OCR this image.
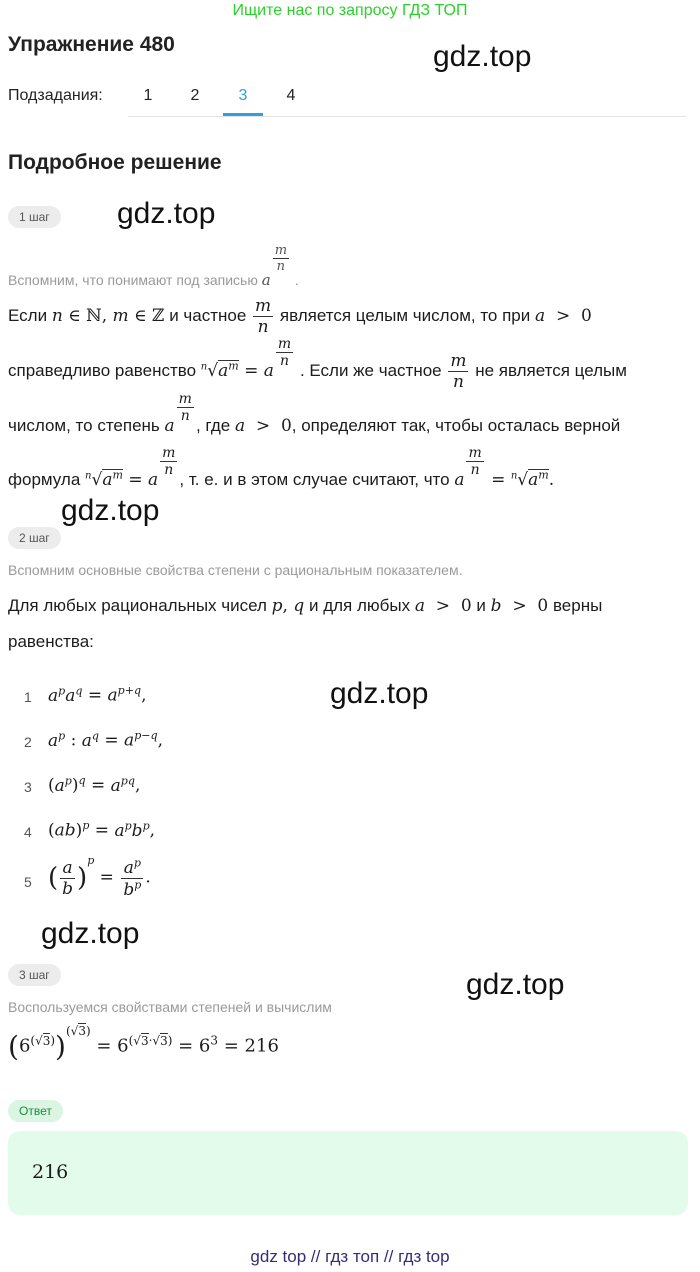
Ищите нас по запросу ГДЗ ТОП
Упражнение 480	gdz.top
Подзадания:	1	2	3	4
Подробное решение
1 шаг	gdz.top
Вспомним, что понимают под записью a
$^{\frac{m}{n}}$
.
Если n ∈ ℕ, m ∈ ℤ и частное $\frac{m}{n}$ является целым числом, то при a  >  0
справедливо равенство $^n√a^m = a$
$^{\frac{m}{n}}$
. Если же частное $\frac{m}{n}$ не является целым
числом, то степень a
$^{\frac{m}{n}}$
, где a  >  0, определяют так, чтобы осталась верной
формула $^n√a^m = a$
$^{\frac{m}{n}}$
, т. е. и в этом случае считают, что a
$^{\frac{m}{n}}$
= $^n√a^m$.
gdz.top
2 шаг
Вспомним основные свойства степени с рациональным показателем.
Для любых рациональных чисел p, q и для любых a  >  0 и b  >  0 верны
равенства:
gdz.top
1 $a^pa^q = a^{p+q}$,
2 $a^p$ : $a^q = a^{p-q}$,
3 $(a^p)^q = a^{pq}$,
4 $(ab)^p = a^pb^p$,
5 ( $\frac{a}{b} )^p = \frac{a^p}{b^p}$ .
gdz.top
3 шаг	gdz.top
Воспользуемся свойствами степеней и вычислим
$(6^{(√3)})^{(√3)} = 6^{(√3\cdot√3)} = 6^3 = 216$
Ответ
216
gdz top // гдз топ // гдз top
